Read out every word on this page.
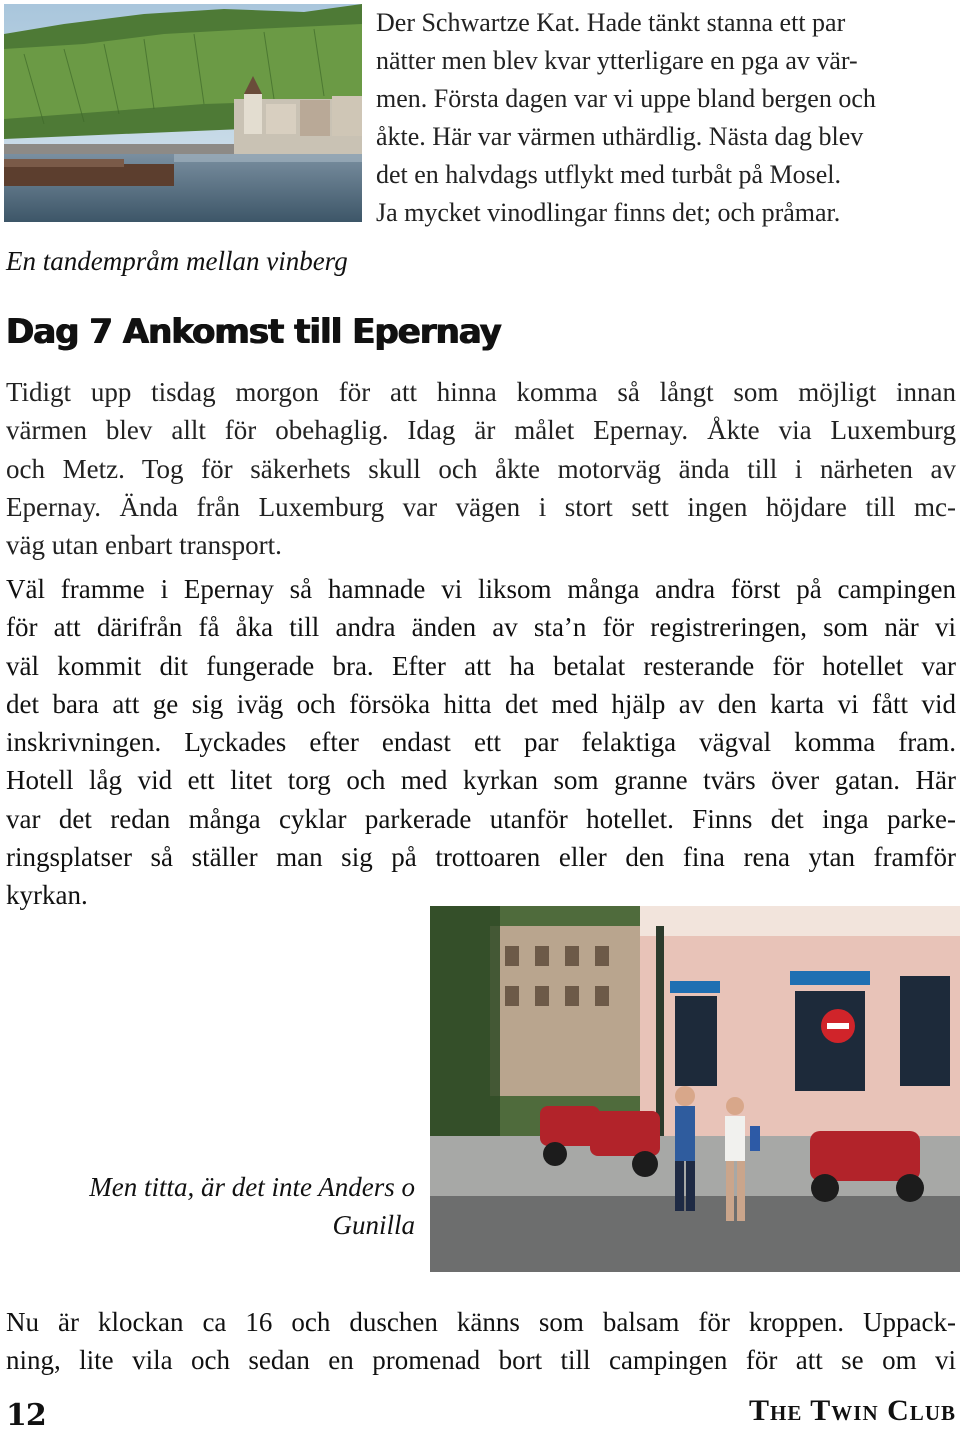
Der Schwartze Kat. Hade tänkt stanna ett par
nätter men blev kvar ytterligare en pga av vär-
men. Första dagen var vi uppe bland bergen och
åkte. Här var värmen uthärdlig. Nästa dag blev
det en halvdags utflykt med turbåt på Mosel.
Ja mycket vinodlingar finns det; och pråmar.
En tandempråm mellan vinberg
Dag 7 Ankomst till Epernay
Tidigt upp tisdag morgon för att hinna komma så långt som möjligt innan
värmen blev allt för obehaglig. Idag är målet Epernay. Åkte via Luxemburg
och Metz. Tog för säkerhets skull och åkte motorväg ända till i närheten av
Epernay. Ända från Luxemburg var vägen i stort sett ingen höjdare till mc-
väg utan enbart transport.
Väl framme i Epernay så hamnade vi liksom många andra först på campingen
för att därifrån få åka till andra änden av sta’n för registreringen, som när vi
väl kommit dit fungerade bra. Efter att ha betalat resterande för hotellet var
det bara att ge sig iväg och försöka hitta det med hjälp av den karta vi fått vid
inskrivningen. Lyckades efter endast ett par felaktiga vägval komma fram.
Hotell låg vid ett litet torg och med kyrkan som granne tvärs över gatan. Här
var det redan många cyklar parkerade utanför hotellet. Finns det inga parke-
ringsplatser så ställer man sig på trottoaren eller den fina rena ytan framför
kyrkan.
Men titta, är det inte Anders o
Gunilla
Nu är klockan ca 16 och duschen känns som balsam för kroppen. Uppack-
ning, lite vila och sedan en promenad bort till campingen för att se om vi
12	The Twin Club
